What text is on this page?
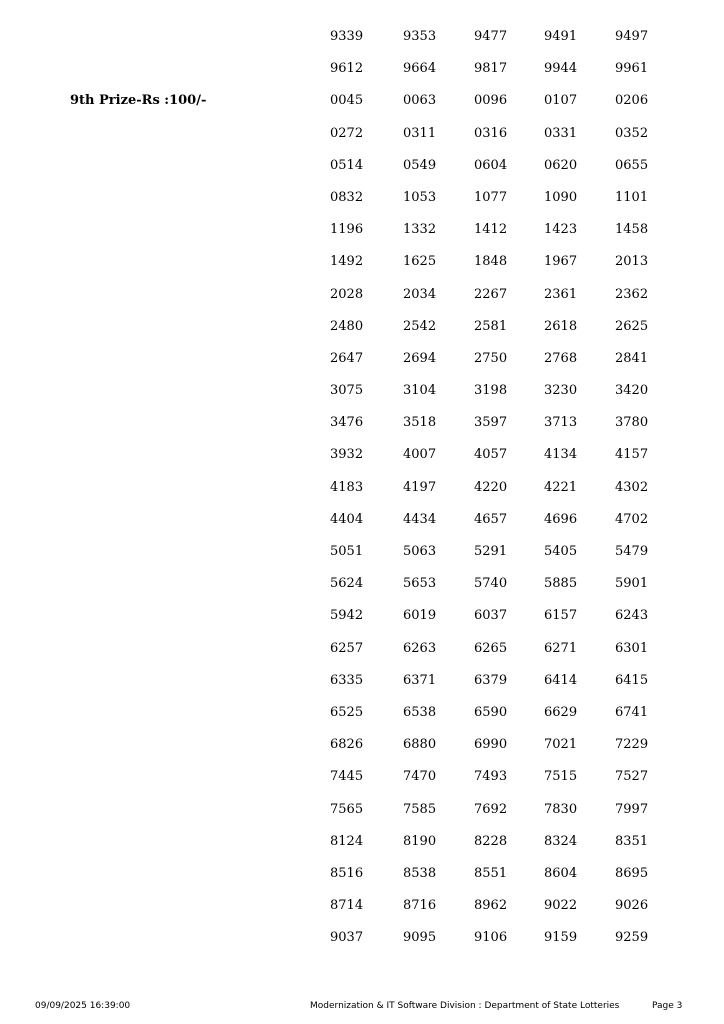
9th Prize-Rs :100/-
9339	9353	9477	9491	9497
9612	9664	9817	9944	9961
0045	0063	0096	0107	0206
0272	0311	0316	0331	0352
0514	0549	0604	0620	0655
0832	1053	1077	1090	1101
1196	1332	1412	1423	1458
1492	1625	1848	1967	2013
2028	2034	2267	2361	2362
2480	2542	2581	2618	2625
2647	2694	2750	2768	2841
3075	3104	3198	3230	3420
3476	3518	3597	3713	3780
3932	4007	4057	4134	4157
4183	4197	4220	4221	4302
4404	4434	4657	4696	4702
5051	5063	5291	5405	5479
5624	5653	5740	5885	5901
5942	6019	6037	6157	6243
6257	6263	6265	6271	6301
6335	6371	6379	6414	6415
6525	6538	6590	6629	6741
6826	6880	6990	7021	7229
7445	7470	7493	7515	7527
7565	7585	7692	7830	7997
8124	8190	8228	8324	8351
8516	8538	8551	8604	8695
8714	8716	8962	9022	9026
9037	9095	9106	9159	9259
09/09/2025 16:39:00	Modernization & IT Software Division : Department of State Lotteries	Page 3
